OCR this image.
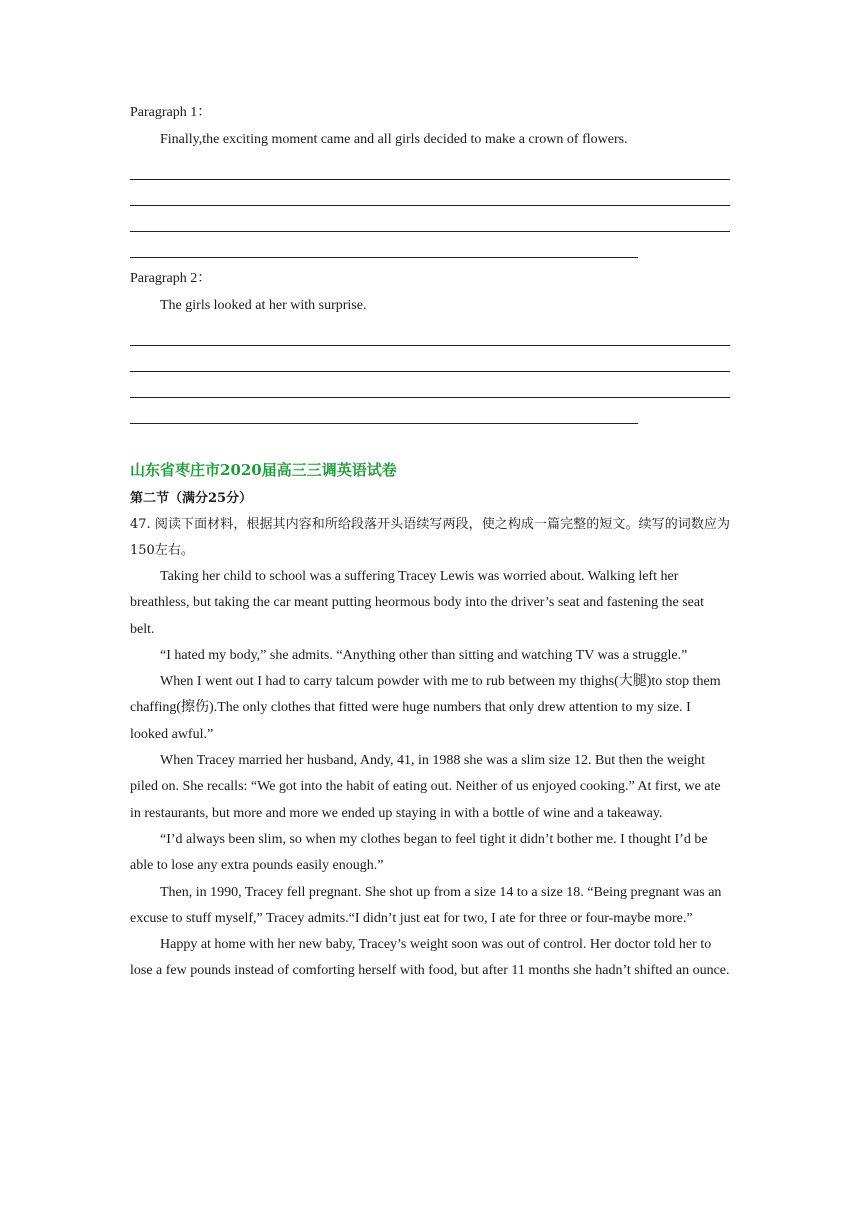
Paragraph 1：

Finally,the exciting moment came and all girls decided to make a crown of flowers.

Paragraph 2：

The girls looked at her with surprise.

山东省枣庄市2020届高三三调英语试卷

第二节（满分25分）

47. 阅读下面材料，根据其内容和所给段落开头语续写两段，使之构成一篇完整的短文。续写的词数应为150左右。

Taking her child to school was a suffering Tracey Lewis was worried about. Walking left her breathless, but taking the car meant putting heormous body into the driver’s seat and fastening the seat belt.

“I hated my body,” she admits. “Anything other than sitting and watching TV was a struggle.”

When I went out I had to carry talcum powder with me to rub between my thighs(大腿)to stop them chaffing(擦伤).The only clothes that fitted were huge numbers that only drew attention to my size. I looked awful.”

When Tracey married her husband, Andy, 41, in 1988 she was a slim size 12. But then the weight piled on. She recalls: “We got into the habit of eating out. Neither of us enjoyed cooking.” At first, we ate in restaurants, but more and more we ended up staying in with a bottle of wine and a takeaway.

“I’d always been slim, so when my clothes began to feel tight it didn’t bother me. I thought I’d be able to lose any extra pounds easily enough.”

Then, in 1990, Tracey fell pregnant. She shot up from a size 14 to a size 18. “Being pregnant was an excuse to stuff myself,” Tracey admits.“I didn’t just eat for two, I ate for three or four-maybe more.”

Happy at home with her new baby, Tracey’s weight soon was out of control. Her doctor told her to lose a few pounds instead of comforting herself with food, but after 11 months she hadn’t shifted an ounce.
